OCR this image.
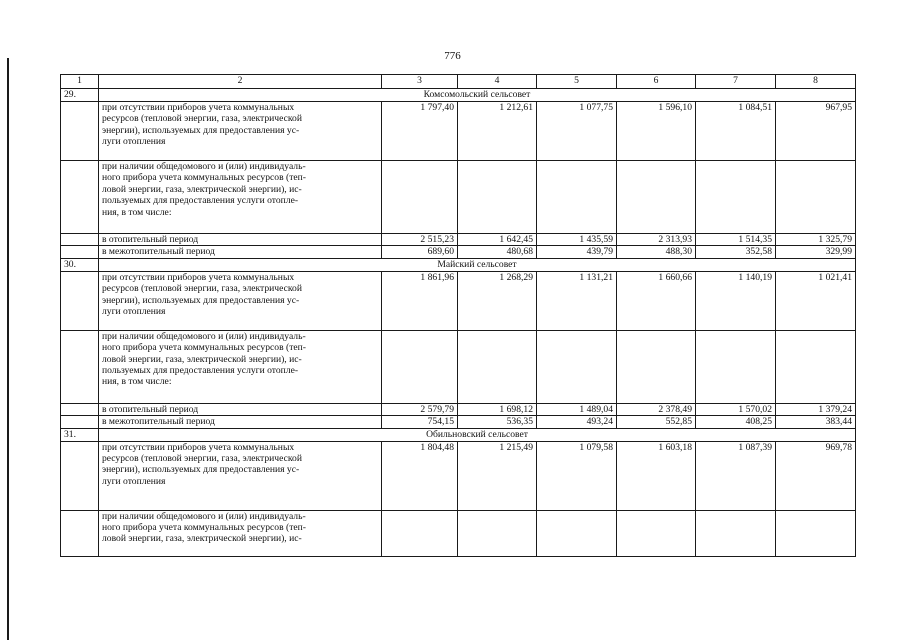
776
1	2	3	4	5	6	7	8
29.	Комсомольский сельсовет						

	при отсутствии приборов учета коммунальных
ресурсов (тепловой энергии, газа, электрической
энергии), используемых для предоставления ус-
луги отопления	1 797,40	1 212,61	1 077,75	1 596,10	1 084,51	967,95

	при наличии общедомового и (или) индивидуаль-
ного прибора учета коммунальных ресурсов (теп-
ловой энергии, газа, электрической энергии), ис-
пользуемых для предоставления услуги отопле-
ния, в том числе:						

	в отопительный период	2 515,23	1 642,45	1 435,59	2 313,93	1 514,35	1 325,79

	в межотопительный период	689,60	480,68	439,79	488,30	352,58	329,99
30.	Майский сельсовет						

	при отсутствии приборов учета коммунальных
ресурсов (тепловой энергии, газа, электрической
энергии), используемых для предоставления ус-
луги отопления	1 861,96	1 268,29	1 131,21	1 660,66	1 140,19	1 021,41

	при наличии общедомового и (или) индивидуаль-
ного прибора учета коммунальных ресурсов (теп-
ловой энергии, газа, электрической энергии), ис-
пользуемых для предоставления услуги отопле-
ния, в том числе:						

	в отопительный период	2 579,79	1 698,12	1 489,04	2 378,49	1 570,02	1 379,24

	в межотопительный период	754,15	536,35	493,24	552,85	408,25	383,44
31.	Обильновский сельсовет						

	при отсутствии приборов учета коммунальных
ресурсов (тепловой энергии, газа, электрической
энергии), используемых для предоставления ус-
луги отопления	1 804,48	1 215,49	1 079,58	1 603,18	1 087,39	969,78

	при наличии общедомового и (или) индивидуаль-
ного прибора учета коммунальных ресурсов (теп-
ловой энергии, газа, электрической энергии), ис-						
